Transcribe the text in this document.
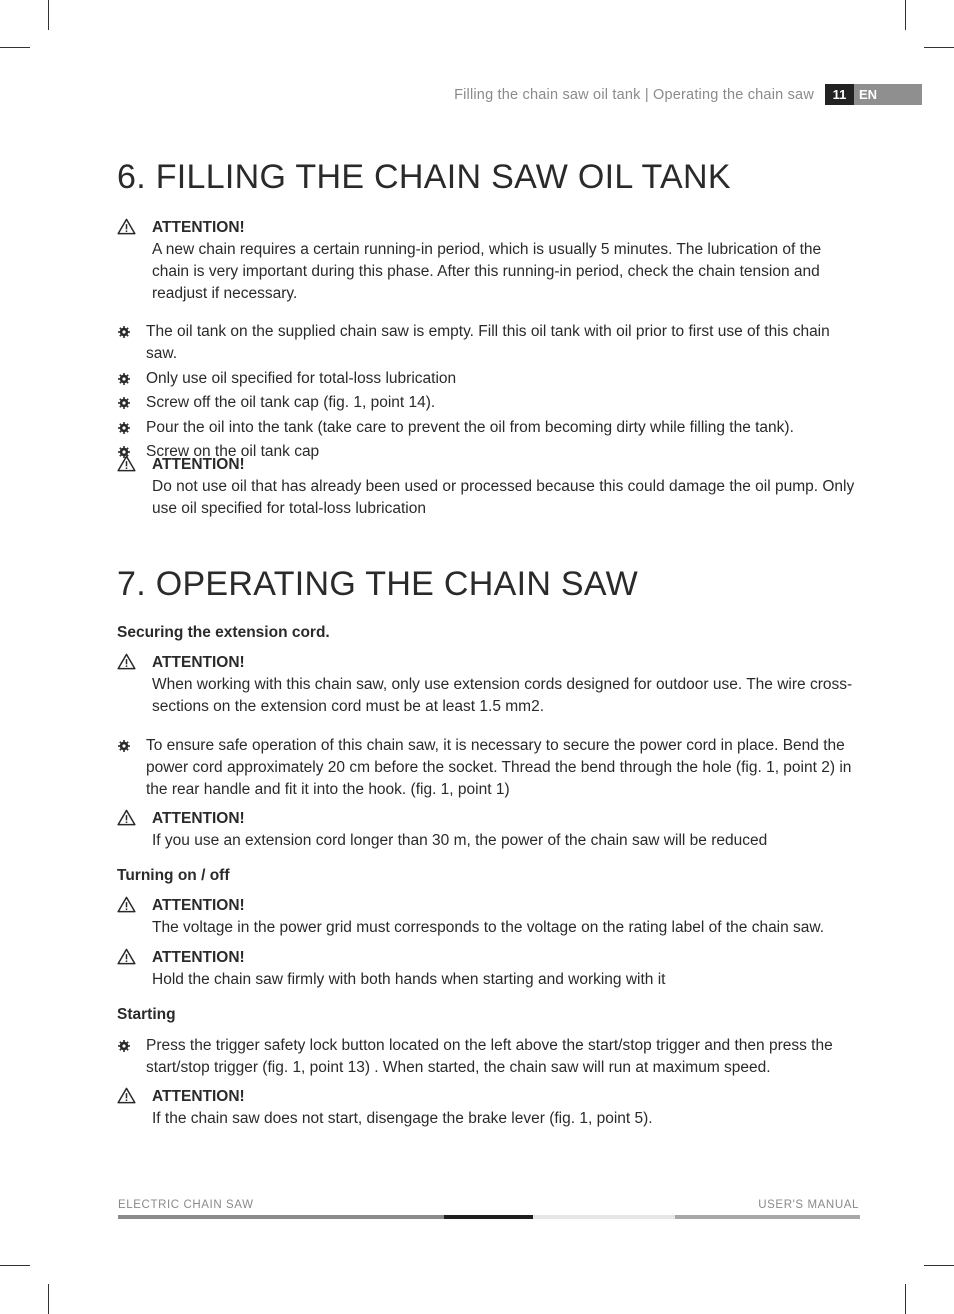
Filling the chain saw oil tank | Operating the chain saw	11 EN
6. FILLING THE CHAIN SAW OIL TANK
ATTENTION!
A new chain requires a certain running-in period, which is usually 5 minutes. The lubrication of the chain is very important during this phase. After this running-in period, check the chain tension and readjust if necessary.
The oil tank on the supplied chain saw is empty. Fill this oil tank with oil prior to first use of this chain saw.
Only use oil specified for total-loss lubrication
Screw off the oil tank cap (fig. 1, point 14).
Pour the oil into the tank (take care to prevent the oil from becoming dirty while filling the tank).
Screw on the oil tank cap
ATTENTION!
Do not use oil that has already been used or processed because this could damage the oil pump. Only use oil specified for total-loss lubrication
7. OPERATING THE CHAIN SAW
Securing the extension cord.
ATTENTION!
When working with this chain saw, only use extension cords designed for outdoor use. The wire cross-sections on the extension cord must be at least 1.5 mm2.
To ensure safe operation of this chain saw, it is necessary to secure the power cord in place. Bend the power cord approximately 20 cm before the socket. Thread the bend through the hole (fig. 1, point 2) in the rear handle and fit it into the hook. (fig. 1, point 1)
ATTENTION!
If you use an extension cord longer than 30 m, the power of the chain saw will be reduced
Turning on / off
ATTENTION!
The voltage in the power grid must corresponds to the voltage on the rating label of the chain saw.
ATTENTION!
Hold the chain saw firmly with both hands when starting and working with it
Starting
Press the trigger safety lock button located on the left above the start/stop trigger and then press the start/stop trigger (fig. 1, point 13) . When started, the chain saw will run at maximum speed.
ATTENTION!
If the chain saw does not start, disengage the brake lever (fig. 1, point 5).
ELECTRIC CHAIN SAW	USER'S MANUAL
